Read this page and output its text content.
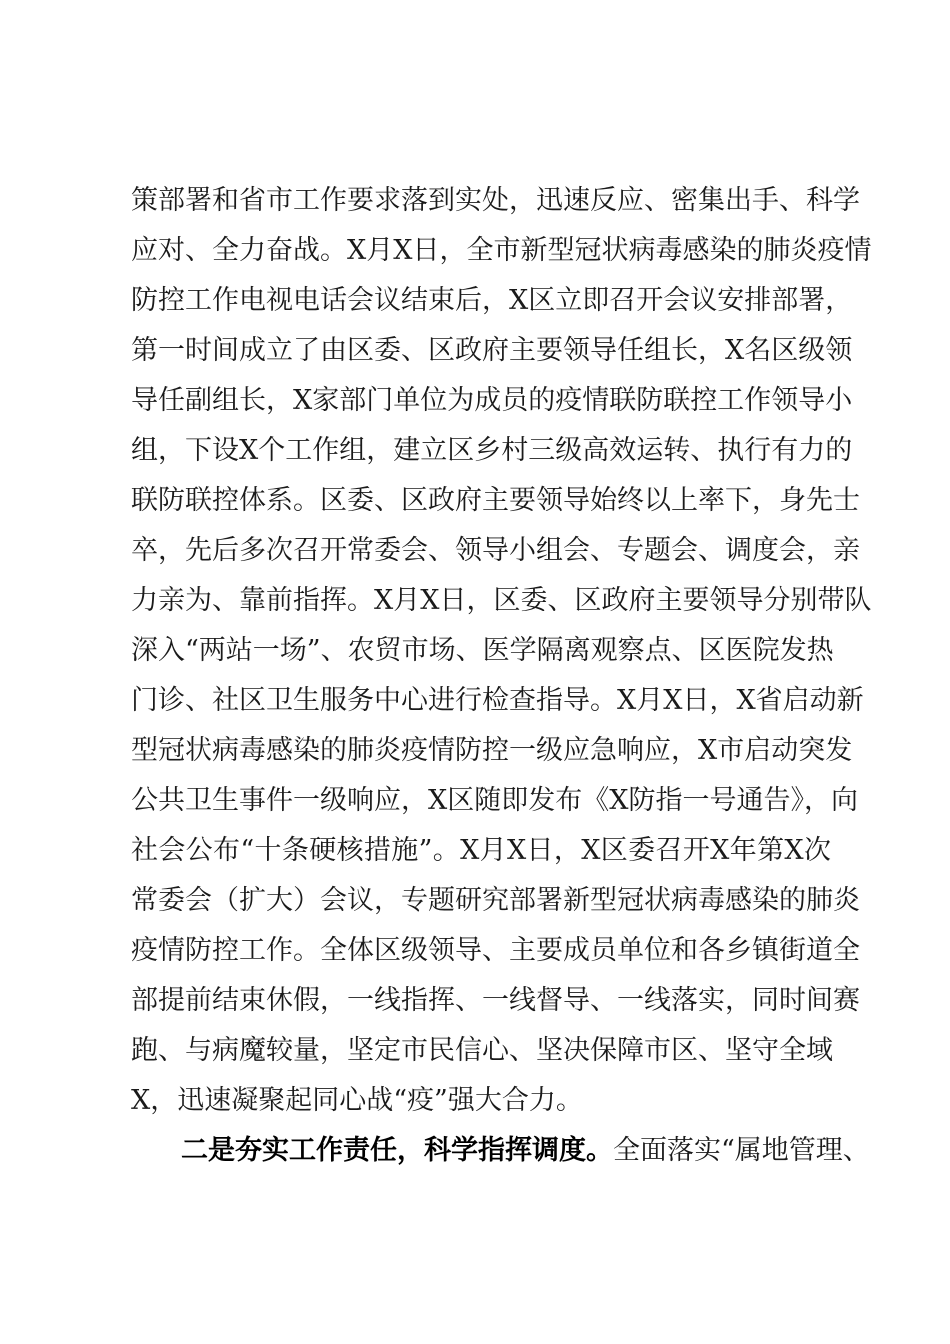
策部署和省市工作要求落到实处，迅速反应、密集出手、科学
应对、全力奋战。X月X日，全市新型冠状病毒感染的肺炎疫情
防控工作电视电话会议结束后，X区立即召开会议安排部署，
第一时间成立了由区委、区政府主要领导任组长，X名区级领
导任副组长，X家部门单位为成员的疫情联防联控工作领导小
组，下设X个工作组，建立区乡村三级高效运转、执行有力的
联防联控体系。区委、区政府主要领导始终以上率下，身先士
卒，先后多次召开常委会、领导小组会、专题会、调度会，亲
力亲为、靠前指挥。X月X日，区委、区政府主要领导分别带队
深入“两站一场”、农贸市场、医学隔离观察点、区医院发热
门诊、社区卫生服务中心进行检查指导。X月X日，X省启动新
型冠状病毒感染的肺炎疫情防控一级应急响应，X市启动突发
公共卫生事件一级响应，X区随即发布《X防指一号通告》，向
社会公布“十条硬核措施”。X月X日，X区委召开X年第X次
常委会（扩大）会议，专题研究部署新型冠状病毒感染的肺炎
疫情防控工作。全体区级领导、主要成员单位和各乡镇街道全
部提前结束休假，一线指挥、一线督导、一线落实，同时间赛
跑、与病魔较量，坚定市民信心、坚决保障市区、坚守全域
X，迅速凝聚起同心战“疫”强大合力。
二是夯实工作责任，科学指挥调度。全面落实“属地管理、
